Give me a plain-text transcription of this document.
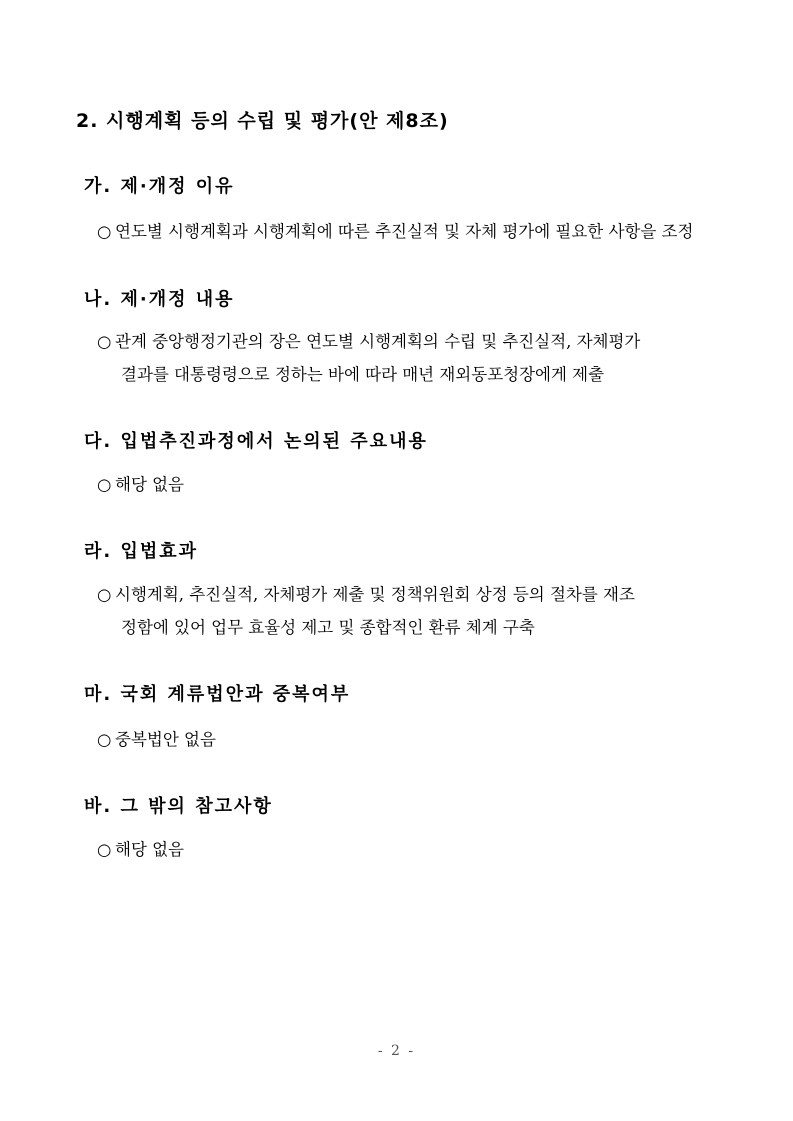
2. 시행계획 등의 수립 및 평가(안 제8조)
가. 제·개정 이유
○ 연도별 시행계획과 시행계획에 따른 추진실적 및 자체 평가에 필요한 사항을 조정
나. 제·개정 내용
○ 관계 중앙행정기관의 장은 연도별 시행계획의 수립 및 추진실적, 자체평가
결과를 대통령령으로 정하는 바에 따라 매년 재외동포청장에게 제출
다. 입법추진과정에서 논의된 주요내용
○ 해당 없음
라. 입법효과
○ 시행계획, 추진실적, 자체평가 제출 및 정책위원회 상정 등의 절차를 재조
정함에 있어 업무 효율성 제고 및 종합적인 환류 체계 구축
마. 국회 계류법안과 중복여부
○ 중복법안 없음
바. 그 밖의 참고사항
○ 해당 없음
- 2 -
